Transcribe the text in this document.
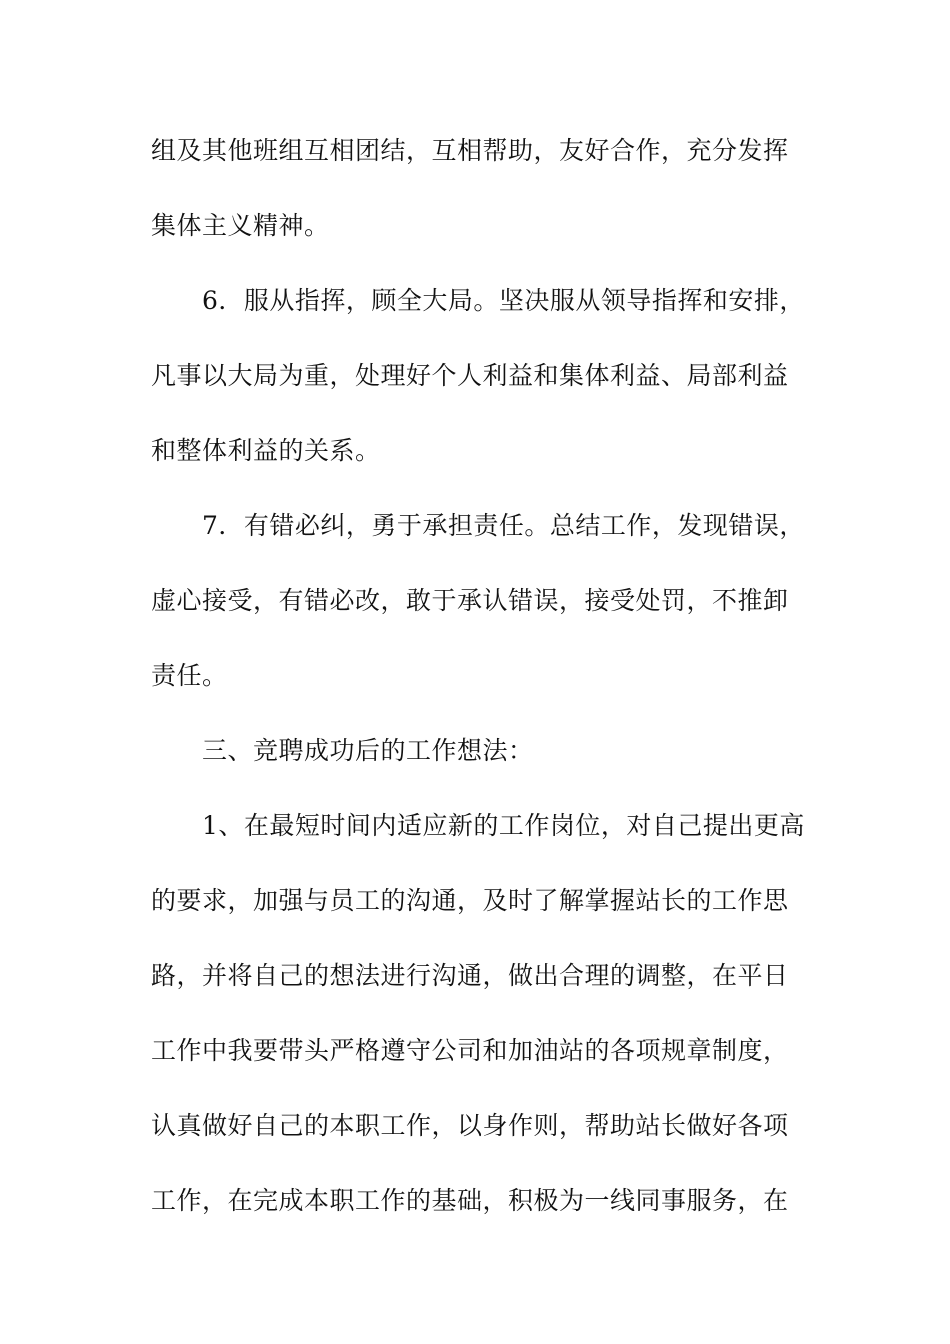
组及其他班组互相团结，互相帮助，友好合作，充分发挥
集体主义精神。
6．服从指挥，顾全大局。坚决服从领导指挥和安排，
凡事以大局为重，处理好个人利益和集体利益、局部利益
和整体利益的关系。
7．有错必纠，勇于承担责任。总结工作，发现错误，
虚心接受，有错必改，敢于承认错误，接受处罚，不推卸
责任。
三、竞聘成功后的工作想法：
1、在最短时间内适应新的工作岗位，对自己提出更高
的要求，加强与员工的沟通，及时了解掌握站长的工作思
路，并将自己的想法进行沟通，做出合理的调整，在平日
工作中我要带头严格遵守公司和加油站的各项规章制度，
认真做好自己的本职工作，以身作则，帮助站长做好各项
工作，在完成本职工作的基础，积极为一线同事服务，在
